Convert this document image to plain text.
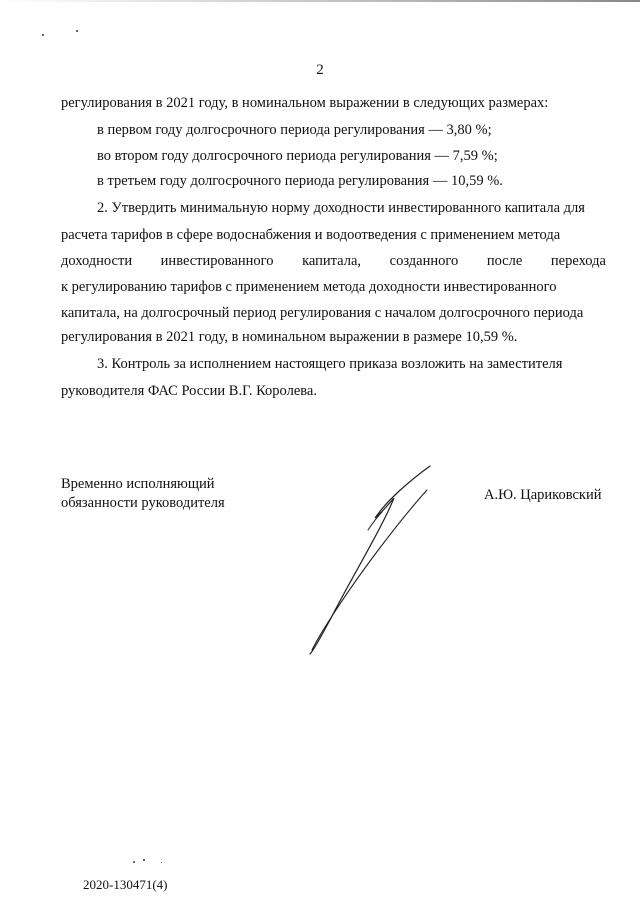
2
регулирования в 2021 году, в номинальном выражении в следующих размерах:
в первом году долгосрочного периода регулирования — 3,80 %;
во втором году долгосрочного периода регулирования — 7,59 %;
в третьем году долгосрочного периода регулирования — 10,59 %.
2. Утвердить минимальную норму доходности инвестированного капитала для
расчета тарифов в сфере водоснабжения и водоотведения с применением метода
доходности инвестированного капитала, созданного после перехода
к регулированию тарифов с применением метода доходности инвестированного
капитала, на долгосрочный период регулирования с началом долгосрочного периода
регулирования в 2021 году, в номинальном выражении в размере 10,59 %.
3. Контроль за исполнением настоящего приказа возложить на заместителя
руководителя ФАС России В.Г. Королева.
Временно исполняющий
обязанности руководителя	А.Ю. Цариковский
2020-130471(4)
